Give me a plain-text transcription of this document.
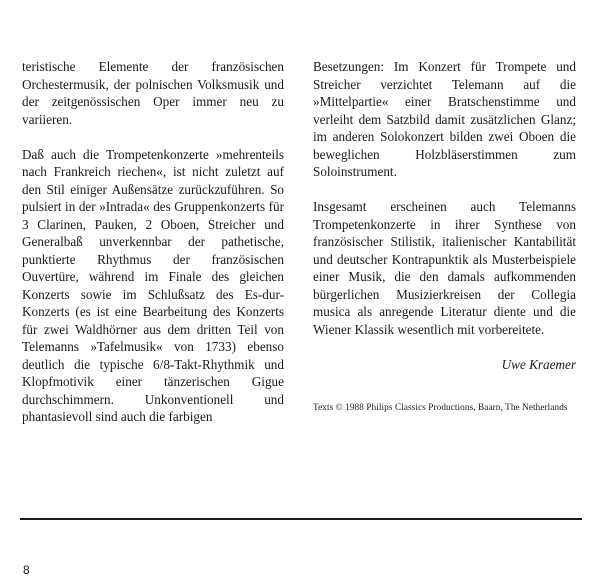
teristische Elemente der französischen Orchestermusik, der polnischen Volksmusik und der zeitgenössischen Oper immer neu zu variieren.

Daß auch die Trompetenkonzerte »mehrenteils nach Frankreich riechen«, ist nicht zuletzt auf den Stil einiger Außensätze zurückzuführen. So pulsiert in der »Intrada« des Gruppenkonzerts für 3 Clarinen, Pauken, 2 Oboen, Streicher und Generalbaß unverkennbar der pathetische, punktierte Rhythmus der französischen Ouvertüre, während im Finale des gleichen Konzerts sowie im Schlußsatz des Es-dur-Konzerts (es ist eine Bearbeitung des Konzerts für zwei Waldhörner aus dem dritten Teil von Telemanns »Tafelmusik« von 1733) ebenso deutlich die typische 6/8-Takt-Rhythmik und Klopfmotivik einer tänzerischen Gigue durchschimmern. Unkonventionell und phantasievoll sind auch die farbigen

Besetzungen: Im Konzert für Trompete und Streicher verzichtet Telemann auf die »Mittelpartie« einer Bratschenstimme und verleiht dem Satzbild damit zusätzlichen Glanz; im anderen Solokonzert bilden zwei Oboen die beweglichen Holzbläserstimmen zum Soloinstrument.

Insgesamt erscheinen auch Telemanns Trompetenkonzerte in ihrer Synthese von französischer Stilistik, italienischer Kantabilität und deutscher Kontrapunktik als Musterbeispiele einer Musik, die den damals aufkommenden bürgerlichen Musizierkreisen der Collegia musica als anregende Literatur diente und die Wiener Klassik wesentlich mit vorbereitete.

Uwe Kraemer
Texts © 1988 Philips Classics Productions, Baarn, The Netherlands
8
